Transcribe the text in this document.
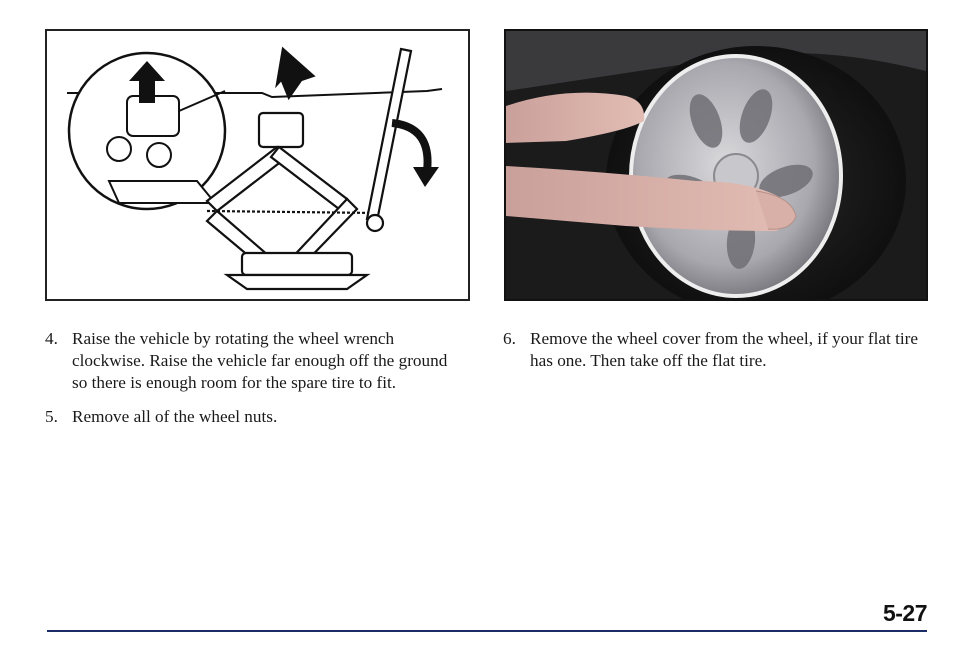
4. Raise the vehicle by rotating the wheel wrench clockwise. Raise the vehicle far enough off the ground so there is enough room for the spare tire to fit.
5. Remove all of the wheel nuts.
6. Remove the wheel cover from the wheel, if your flat tire has one. Then take off the flat tire.
5-27
